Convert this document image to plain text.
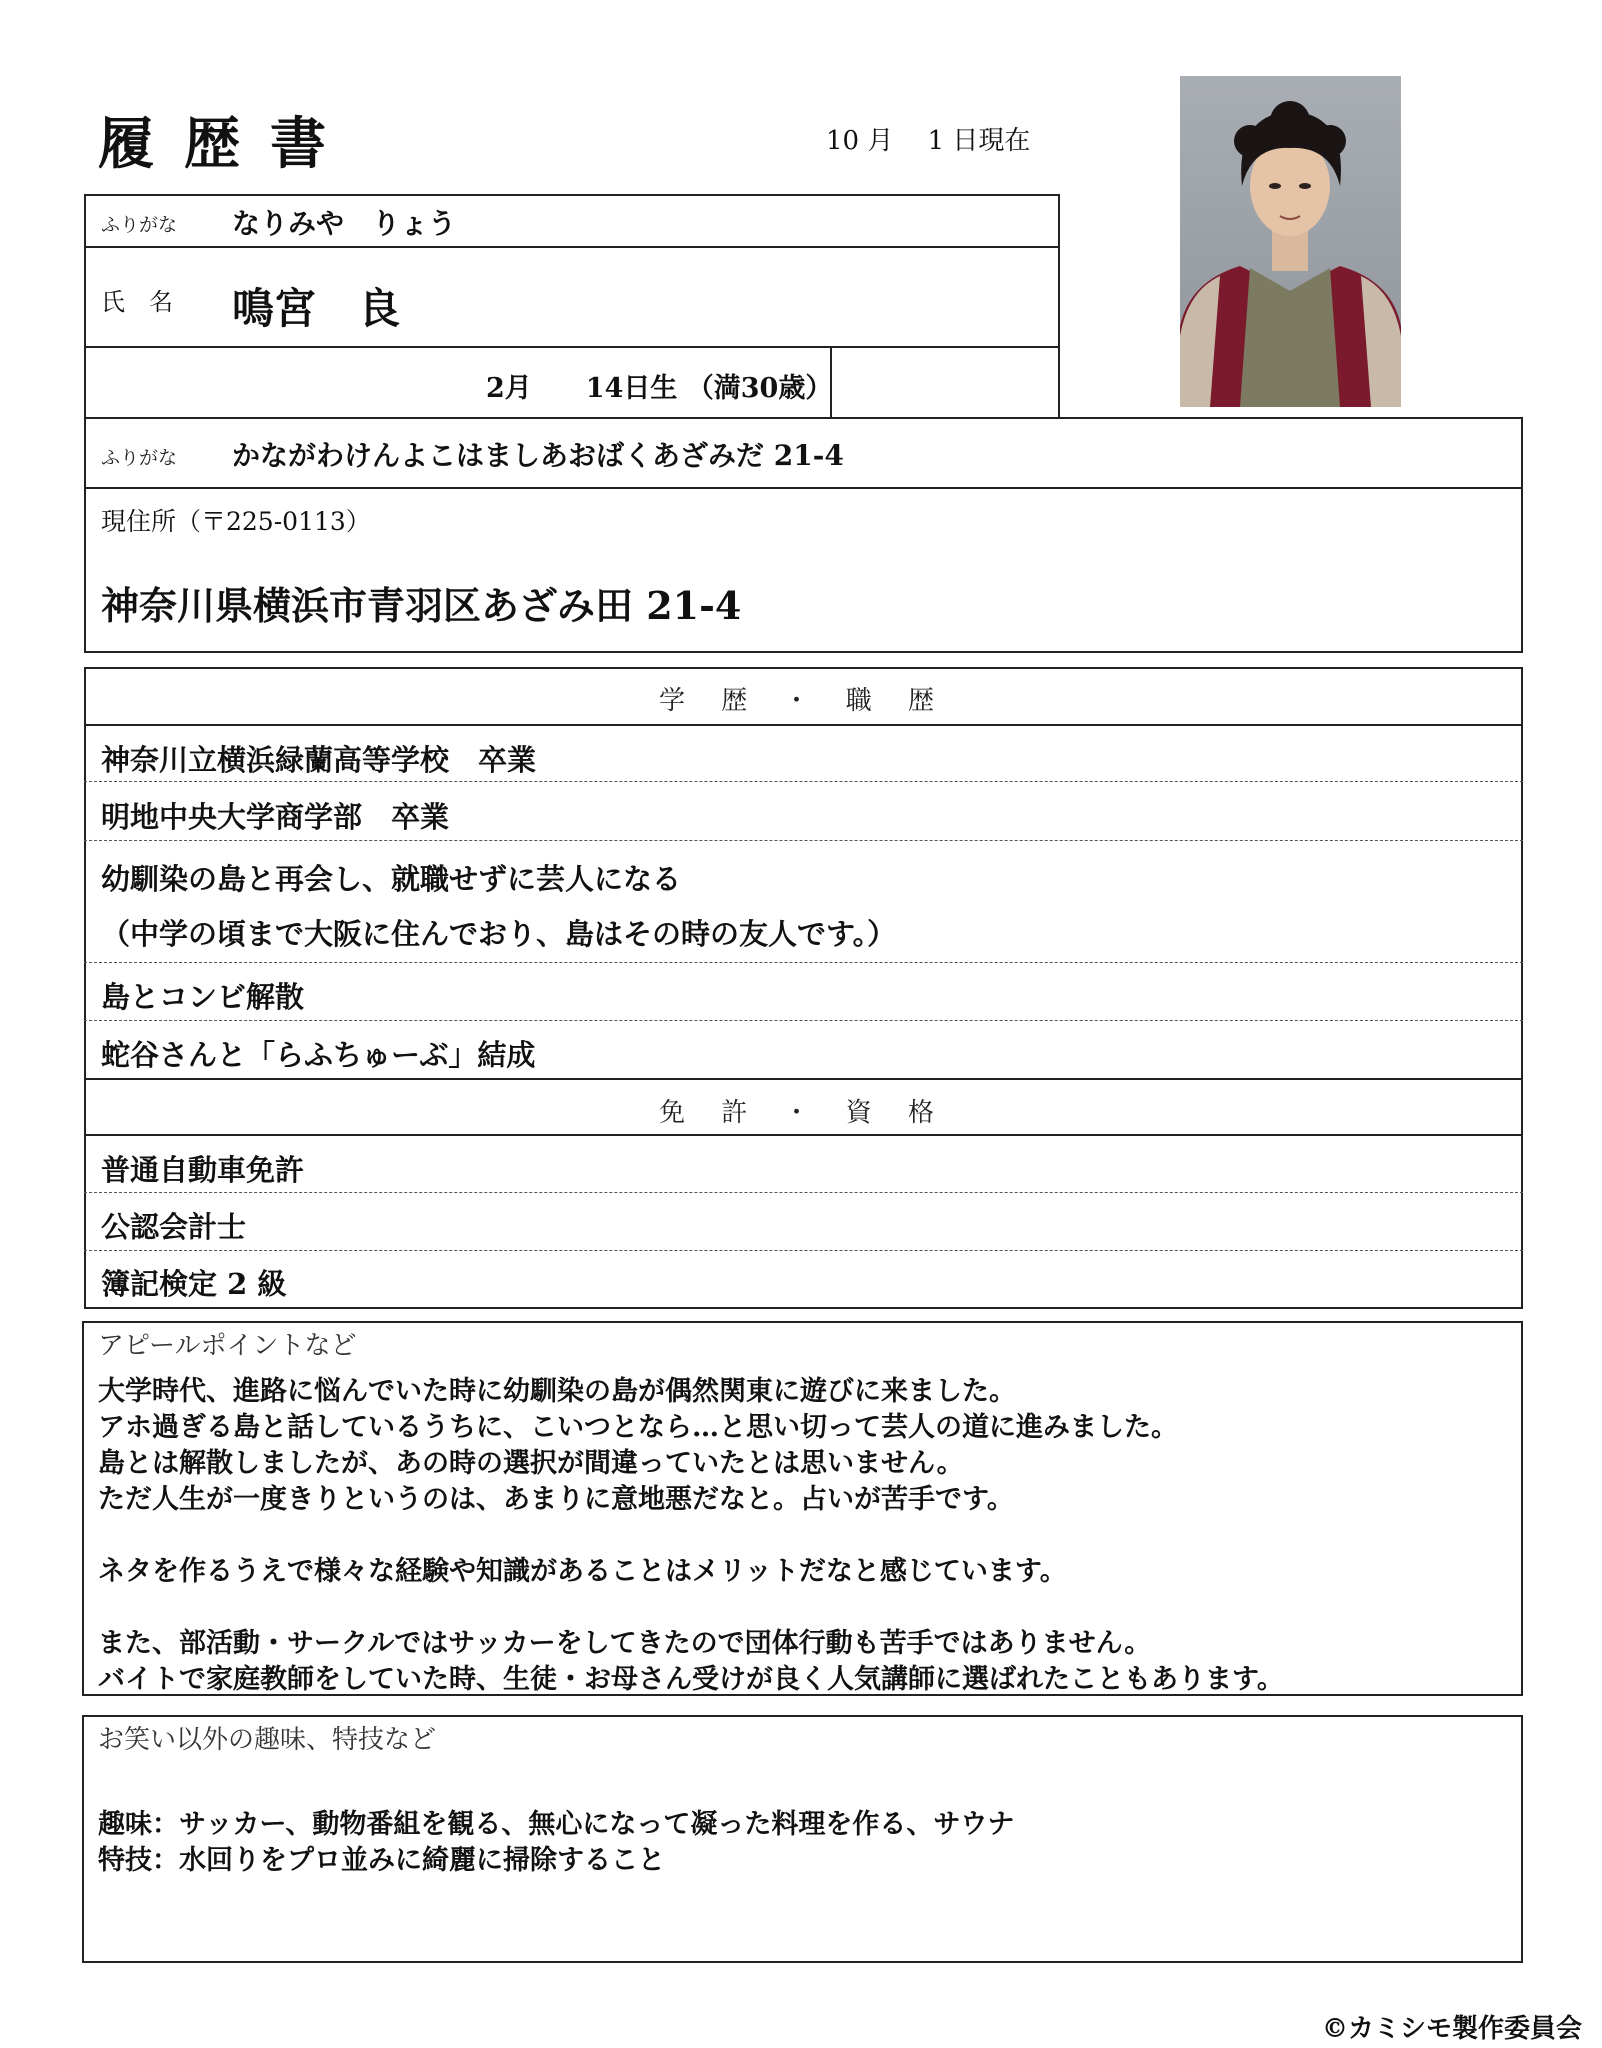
履歴書	10 月　 1 日現在
ふりがな なりみや　りょう
氏　名 鳴宮　良
2月　　14日生 （満30歳）
ふりがな かながわけんよこはましあおばくあざみだ 21-4
現住所（〒225-0113）
神奈川県横浜市青羽区あざみ田 21-4
学 歴 ・ 職 歴
神奈川立横浜緑蘭高等学校　卒業
明地中央大学商学部　卒業
幼馴染の島と再会し、就職せずに芸人になる
（中学の頃まで大阪に住んでおり、島はその時の友人です。）
島とコンビ解散
蛇谷さんと「らふちゅーぶ」結成
免 許 ・ 資 格
普通自動車免許
公認会計士
簿記検定 2 級
アピールポイントなど
大学時代、進路に悩んでいた時に幼馴染の島が偶然関東に遊びに来ました。
アホ過ぎる島と話しているうちに、こいつとなら…と思い切って芸人の道に進みました。
島とは解散しましたが、あの時の選択が間違っていたとは思いません。
ただ人生が一度きりというのは、あまりに意地悪だなと。占いが苦手です。

ネタを作るうえで様々な経験や知識があることはメリットだなと感じています。

また、部活動・サークルではサッカーをしてきたので団体行動も苦手ではありません。
バイトで家庭教師をしていた時、生徒・お母さん受けが良く人気講師に選ばれたこともあります。
お笑い以外の趣味、特技など
趣味：サッカー、動物番組を観る、無心になって凝った料理を作る、サウナ
特技：水回りをプロ並みに綺麗に掃除すること
©カミシモ製作委員会
